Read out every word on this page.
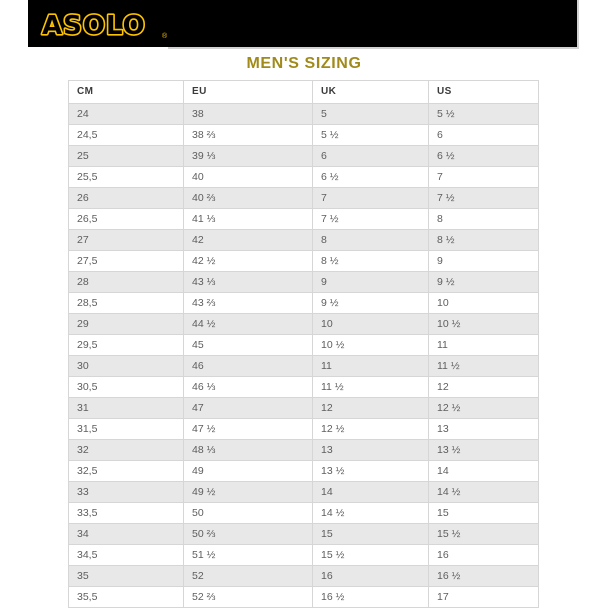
ASOLO ®
MEN'S SIZING
CM	EU	UK	US
24	38	5	5 ½
24,5	38 ⅔	5 ½	6
25	39 ⅓	6	6 ½
25,5	40	6 ½	7
26	40 ⅔	7	7 ½
26,5	41 ⅓	7 ½	8
27	42	8	8 ½
27,5	42 ½	8 ½	9
28	43 ⅓	9	9 ½
28,5	43 ⅔	9 ½	10
29	44 ½	10	10 ½
29,5	45	10 ½	11
30	46	11	11 ½
30,5	46 ⅓	11 ½	12
31	47	12	12 ½
31,5	47 ½	12 ½	13
32	48 ⅓	13	13 ½
32,5	49	13 ½	14
33	49 ½	14	14 ½
33,5	50	14 ½	15
34	50 ⅔	15	15 ½
34,5	51 ½	15 ½	16
35	52	16	16 ½
35,5	52 ⅔	16 ½	17
